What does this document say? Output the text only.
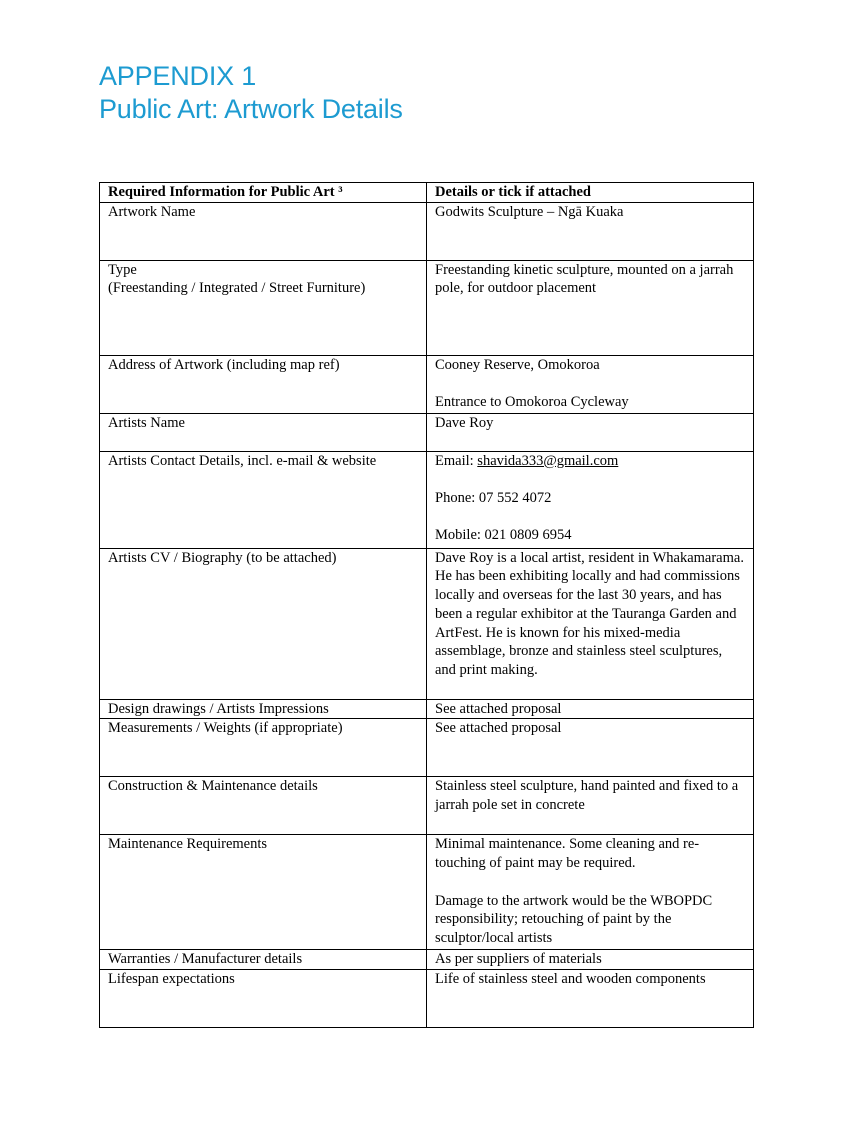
APPENDIX 1
Public Art: Artwork Details
Required Information for Public Art ³	Details or tick if attached

Artwork Name	Godwits Sculpture – Ngā Kuaka

Type
(Freestanding / Integrated / Street Furniture)	Freestanding kinetic sculpture, mounted on a jarrah pole, for outdoor placement

Address of Artwork (including map ref)	Cooney Reserve, Omokoroa
Entrance to Omokoroa Cycleway

Artists Name	Dave Roy

Artists Contact Details, incl. e-mail & website	Email: shavida333@gmail.com
Phone: 07 552 4072
Mobile: 021 0809 6954

Artists CV / Biography (to be attached)	Dave Roy is a local artist, resident in Whakamarama. He has been exhibiting locally and had commissions locally and overseas for the last 30 years, and has been a regular exhibitor at the Tauranga Garden and ArtFest. He is known for his mixed-media assemblage, bronze and stainless steel sculptures, and print making.

Design drawings / Artists Impressions	See attached proposal

Measurements / Weights (if appropriate)	See attached proposal

Construction & Maintenance details	Stainless steel sculpture, hand painted and fixed to a jarrah pole set in concrete

Maintenance Requirements	Minimal maintenance. Some cleaning and re-touching of paint may be required.
Damage to the artwork would be the WBOPDC responsibility; retouching of paint by the sculptor/local artists

Warranties / Manufacturer details	As per suppliers of materials

Lifespan expectations	Life of stainless steel and wooden components
